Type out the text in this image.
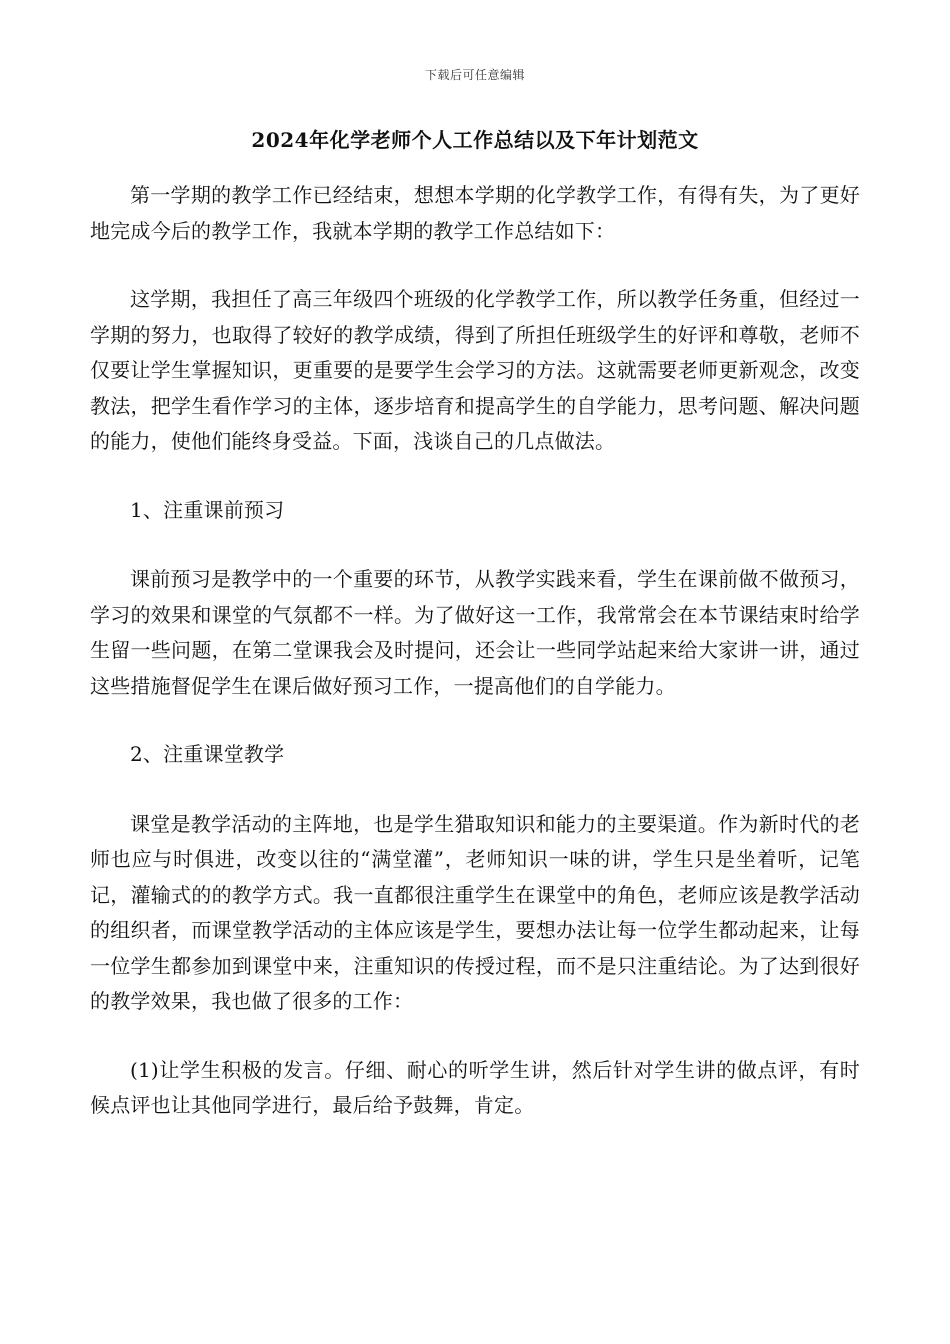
下载后可任意编辑
2024年化学老师个人工作总结以及下年计划范文

第一学期的教学工作已经结束，想想本学期的化学教学工作，有得有失，为了更好地完成今后的教学工作，我就本学期的教学工作总结如下：

这学期，我担任了高三年级四个班级的化学教学工作，所以教学任务重，但经过一学期的努力，也取得了较好的教学成绩，得到了所担任班级学生的好评和尊敬，老师不仅要让学生掌握知识，更重要的是要学生会学习的方法。这就需要老师更新观念，改变教法，把学生看作学习的主体，逐步培育和提高学生的自学能力，思考问题、解决问题的能力，使他们能终身受益。下面，浅谈自己的几点做法。

1、注重课前预习

课前预习是教学中的一个重要的环节，从教学实践来看，学生在课前做不做预习，学习的效果和课堂的气氛都不一样。为了做好这一工作，我常常会在本节课结束时给学生留一些问题，在第二堂课我会及时提问，还会让一些同学站起来给大家讲一讲，通过这些措施督促学生在课后做好预习工作，一提高他们的自学能力。

2、注重课堂教学

课堂是教学活动的主阵地，也是学生猎取知识和能力的主要渠道。作为新时代的老师也应与时俱进，改变以往的“满堂灌”，老师知识一味的讲，学生只是坐着听，记笔记，灌输式的的教学方式。我一直都很注重学生在课堂中的角色，老师应该是教学活动的组织者，而课堂教学活动的主体应该是学生，要想办法让每一位学生都动起来，让每一位学生都参加到课堂中来，注重知识的传授过程，而不是只注重结论。为了达到很好的教学效果，我也做了很多的工作：

(1)让学生积极的发言。仔细、耐心的听学生讲，然后针对学生讲的做点评，有时候点评也让其他同学进行，最后给予鼓舞，肯定。
